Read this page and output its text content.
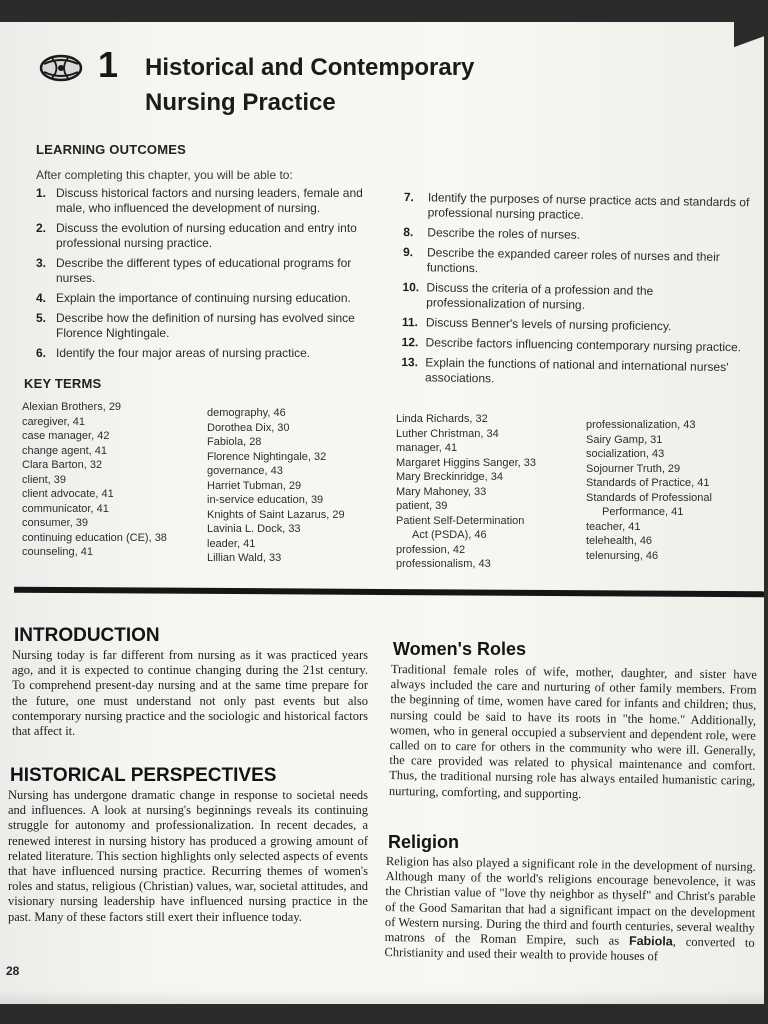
1 Historical and Contemporary
Nursing Practice
LEARNING OUTCOMES
After completing this chapter, you will be able to:
1. Discuss historical factors and nursing leaders, female and male, who influenced the development of nursing.
2. Discuss the evolution of nursing education and entry into professional nursing practice.
3. Describe the different types of educational programs for nurses.
4. Explain the importance of continuing nursing education.
5. Describe how the definition of nursing has evolved since Florence Nightingale.
6. Identify the four major areas of nursing practice.
7. Identify the purposes of nurse practice acts and standards of professional nursing practice.
8. Describe the roles of nurses.
9. Describe the expanded career roles of nurses and their functions.
10. Discuss the criteria of a profession and the professionalization of nursing.
11. Discuss Benner's levels of nursing proficiency.
12. Describe factors influencing contemporary nursing practice.
13. Explain the functions of national and international nurses' associations.
KEY TERMS
Alexian Brothers, 29
caregiver, 41
case manager, 42
change agent, 41
Clara Barton, 32
client, 39
client advocate, 41
communicator, 41
consumer, 39
continuing education (CE), 38
counseling, 41
demography, 46
Dorothea Dix, 30
Fabiola, 28
Florence Nightingale, 32
governance, 43
Harriet Tubman, 29
in-service education, 39
Knights of Saint Lazarus, 29
Lavinia L. Dock, 33
leader, 41
Lillian Wald, 33
Linda Richards, 32
Luther Christman, 34
manager, 41
Margaret Higgins Sanger, 33
Mary Breckinridge, 34
Mary Mahoney, 33
patient, 39
Patient Self-Determination
Act (PSDA), 46
profession, 42
professionalism, 43
professionalization, 43
Sairy Gamp, 31
socialization, 43
Sojourner Truth, 29
Standards of Practice, 41
Standards of Professional
Performance, 41
teacher, 41
telehealth, 46
telenursing, 46
INTRODUCTION
Nursing today is far different from nursing as it was practiced years ago, and it is expected to continue changing during the 21st century. To comprehend present-day nursing and at the same time prepare for the future, one must understand not only past events but also contemporary nursing practice and the sociologic and historical factors that affect it.
HISTORICAL PERSPECTIVES
Nursing has undergone dramatic change in response to societal needs and influences. A look at nursing's beginnings reveals its continuing struggle for autonomy and professionalization. In recent decades, a renewed interest in nursing history has produced a growing amount of related literature. This section highlights only selected aspects of events that have influenced nursing practice. Recurring themes of women's roles and status, religious (Christian) values, war, societal attitudes, and visionary nursing leadership have influenced nursing practice in the past. Many of these factors still exert their influence today.
Women's Roles
Traditional female roles of wife, mother, daughter, and sister have always included the care and nurturing of other family members. From the beginning of time, women have cared for infants and children; thus, nursing could be said to have its roots in "the home." Additionally, women, who in general occupied a subservient and dependent role, were called on to care for others in the community who were ill. Generally, the care provided was related to physical maintenance and comfort. Thus, the traditional nursing role has always entailed humanistic caring, nurturing, comforting, and supporting.
Religion
Religion has also played a significant role in the development of nursing. Although many of the world's religions encourage benevolence, it was the Christian value of "love thy neighbor as thyself" and Christ's parable of the Good Samaritan that had a significant impact on the development of Western nursing. During the third and fourth centuries, several wealthy matrons of the Roman Empire, such as Fabiola, converted to Christianity and used their wealth to provide houses of
28
